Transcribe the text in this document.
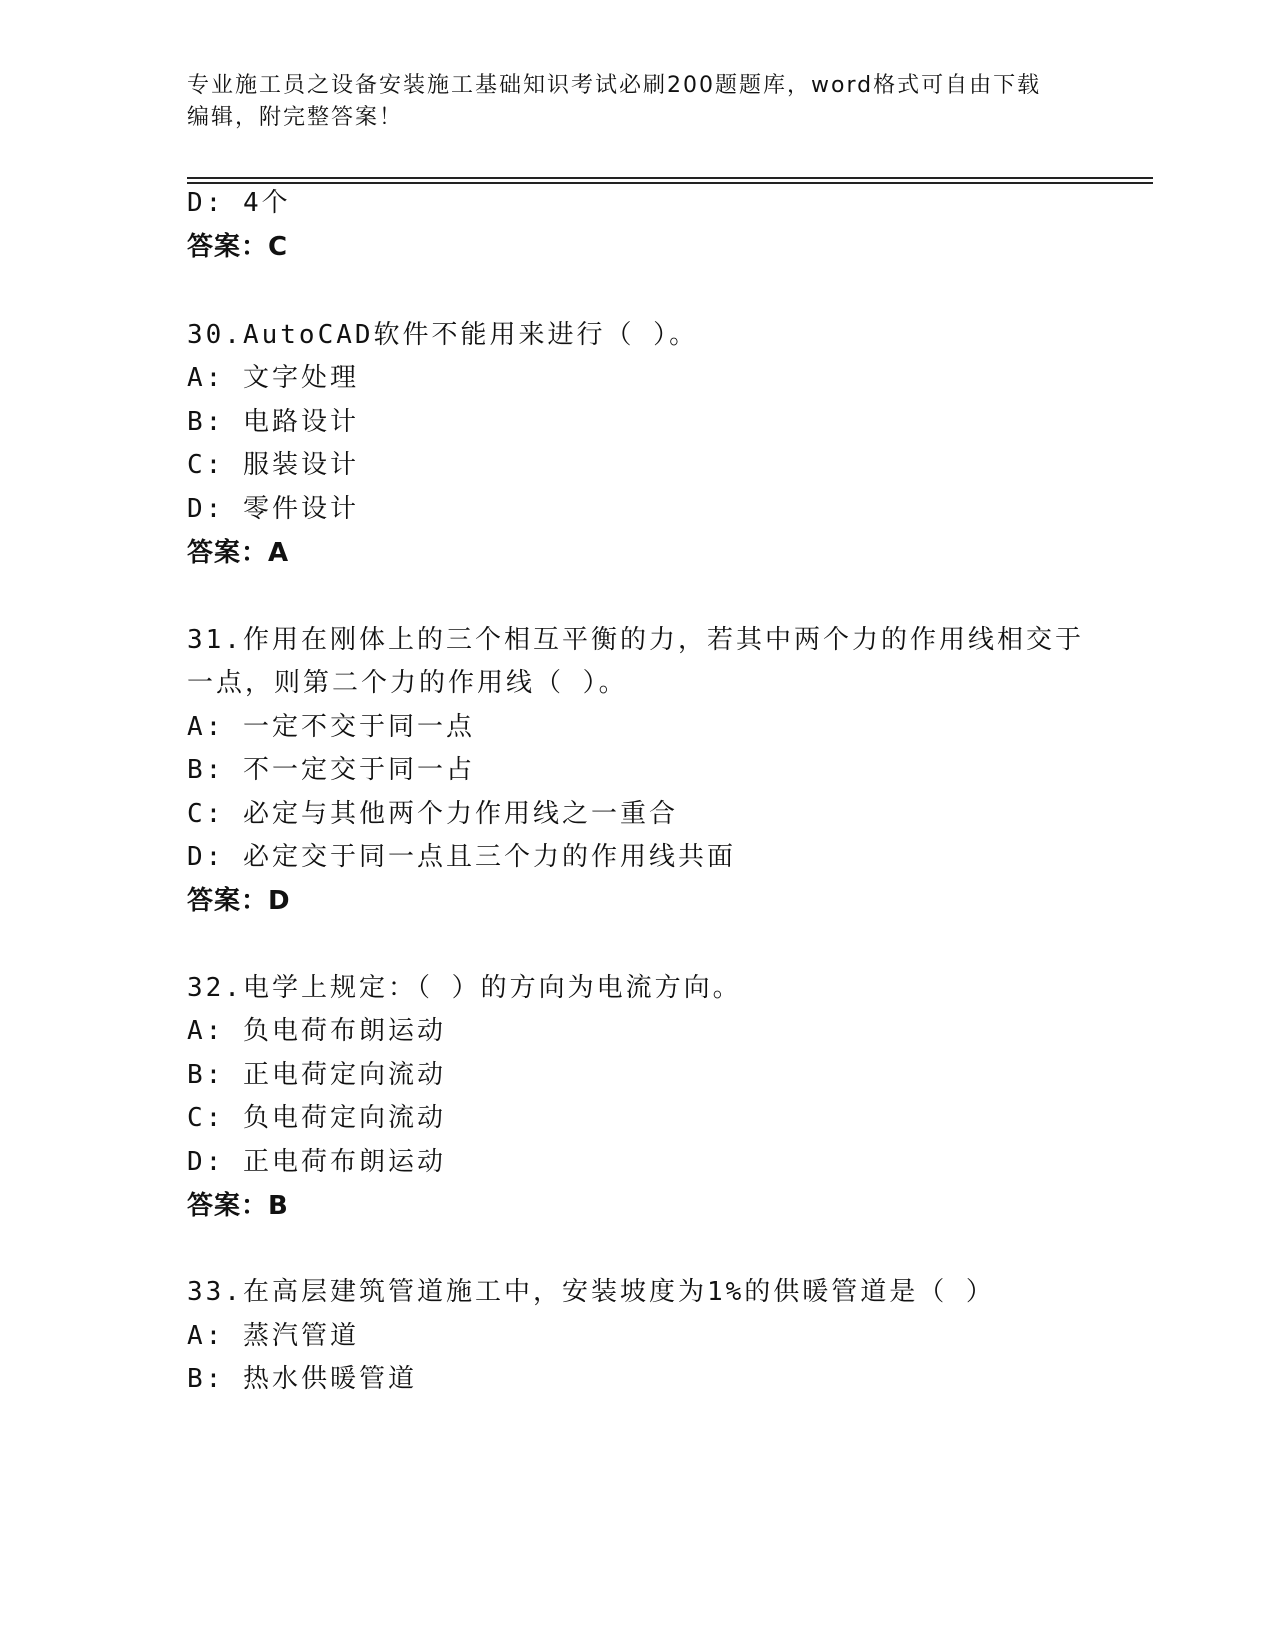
专业施工员之设备安装施工基础知识考试必刷200题题库，word格式可自由下载
编辑，附完整答案！
D: 4个
答案：C
30.AutoCAD软件不能用来进行（ ）。
A: 文字处理
B: 电路设计
C: 服装设计
D: 零件设计
答案：A
31.作用在刚体上的三个相互平衡的力，若其中两个力的作用线相交于
一点，则第二个力的作用线（ ）。
A: 一定不交于同一点
B: 不一定交于同一占
C: 必定与其他两个力作用线之一重合
D: 必定交于同一点且三个力的作用线共面
答案：D
32.电学上规定：（ ）的方向为电流方向。
A: 负电荷布朗运动
B: 正电荷定向流动
C: 负电荷定向流动
D: 正电荷布朗运动
答案：B
33.在高层建筑管道施工中，安装坡度为1%的供暖管道是（ ）
A: 蒸汽管道
B: 热水供暖管道
